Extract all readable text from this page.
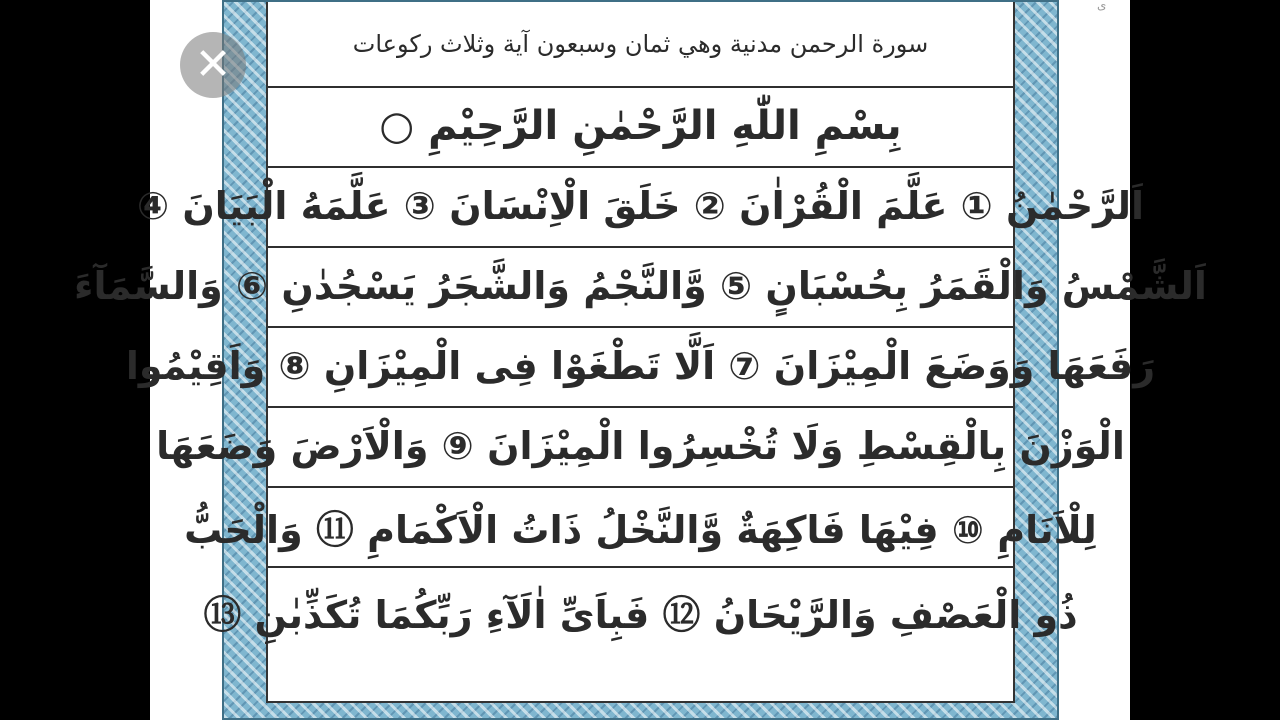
سورة الرحمن مدنية وهي ثمان وسبعون آية وثلاث ركوعات
بِسْمِ اللّٰهِ الرَّحْمٰنِ الرَّحِيْمِ ○
اَلرَّحْمٰنُ ① عَلَّمَ الْقُرْاٰنَ ② خَلَقَ الْاِنْسَانَ ③ عَلَّمَهُ الْبَيَانَ ④
اَلشَّمْسُ وَالْقَمَرُ بِحُسْبَانٍ ⑤ وَّالنَّجْمُ وَالشَّجَرُ يَسْجُدٰنِ ⑥ وَالسَّمَآءَ
رَفَعَهَا وَوَضَعَ الْمِيْزَانَ ⑦ اَلَّا تَطْغَوْا فِى الْمِيْزَانِ ⑧ وَاَقِيْمُوا
الْوَزْنَ بِالْقِسْطِ وَلَا تُخْسِرُوا الْمِيْزَانَ ⑨ وَالْاَرْضَ وَضَعَهَا
لِلْاَنَامِ ⑩ فِيْهَا فَاكِهَةٌ وَّالنَّخْلُ ذَاتُ الْاَكْمَامِ ⑪ وَالْحَبُّ
ذُو الْعَصْفِ وَالرَّيْحَانُ ⑫ فَبِاَىِّ اٰلَآءِ رَبِّكُمَا تُكَذِّبٰنِ ⑬
✕
ی
